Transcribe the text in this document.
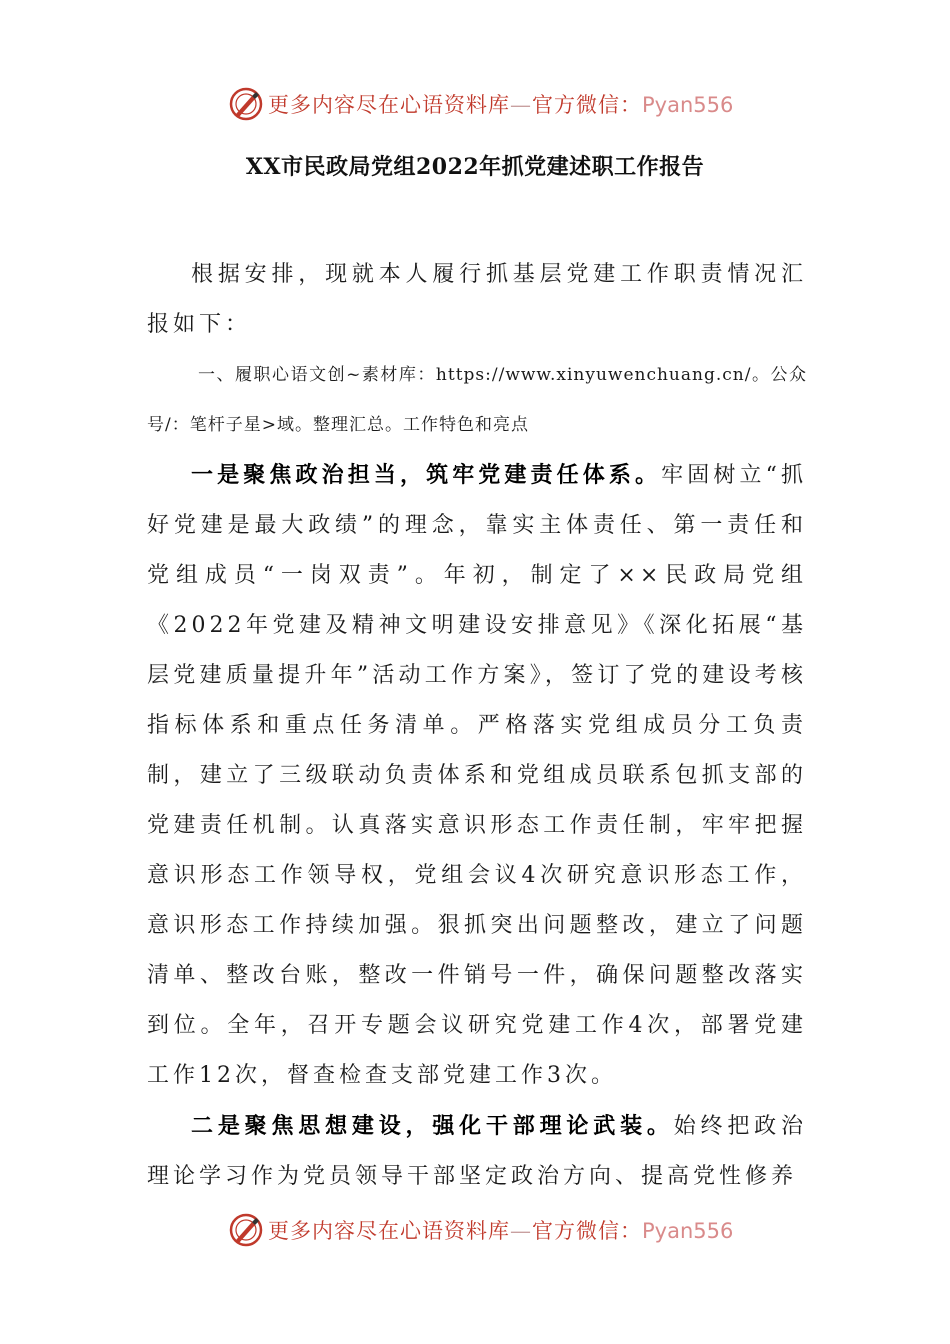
更多内容尽在心语资料库—官方微信：Pyan556
XX市民政局党组2022年抓党建述职工作报告

根据安排，现就本人履行抓基层党建工作职责情况汇报如下：

一、履职心语文创~素材库：https://www.xinyuwenchuang.cn/。公众号/：笔杆子星>域。整理汇总。工作特色和亮点

一是聚焦政治担当，筑牢党建责任体系。牢固树立“抓好党建是最大政绩”的理念，靠实主体责任、第一责任和党组成员“一岗双责”。年初，制定了××民政局党组《2022年党建及精神文明建设安排意见》《深化拓展“基层党建质量提升年”活动工作方案》，签订了党的建设考核指标体系和重点任务清单。严格落实党组成员分工负责制，建立了三级联动负责体系和党组成员联系包抓支部的党建责任机制。认真落实意识形态工作责任制，牢牢把握意识形态工作领导权，党组会议4次研究意识形态工作，意识形态工作持续加强。狠抓突出问题整改，建立了问题清单、整改台账，整改一件销号一件，确保问题整改落实到位。全年，召开专题会议研究党建工作4次，部署党建工作12次，督查检查支部党建工作3次。

二是聚焦思想建设，强化干部理论武装。始终把政治理论学习作为党员领导干部坚定政治方向、提高党性修养

更多内容尽在心语资料库—官方微信：Pyan556
